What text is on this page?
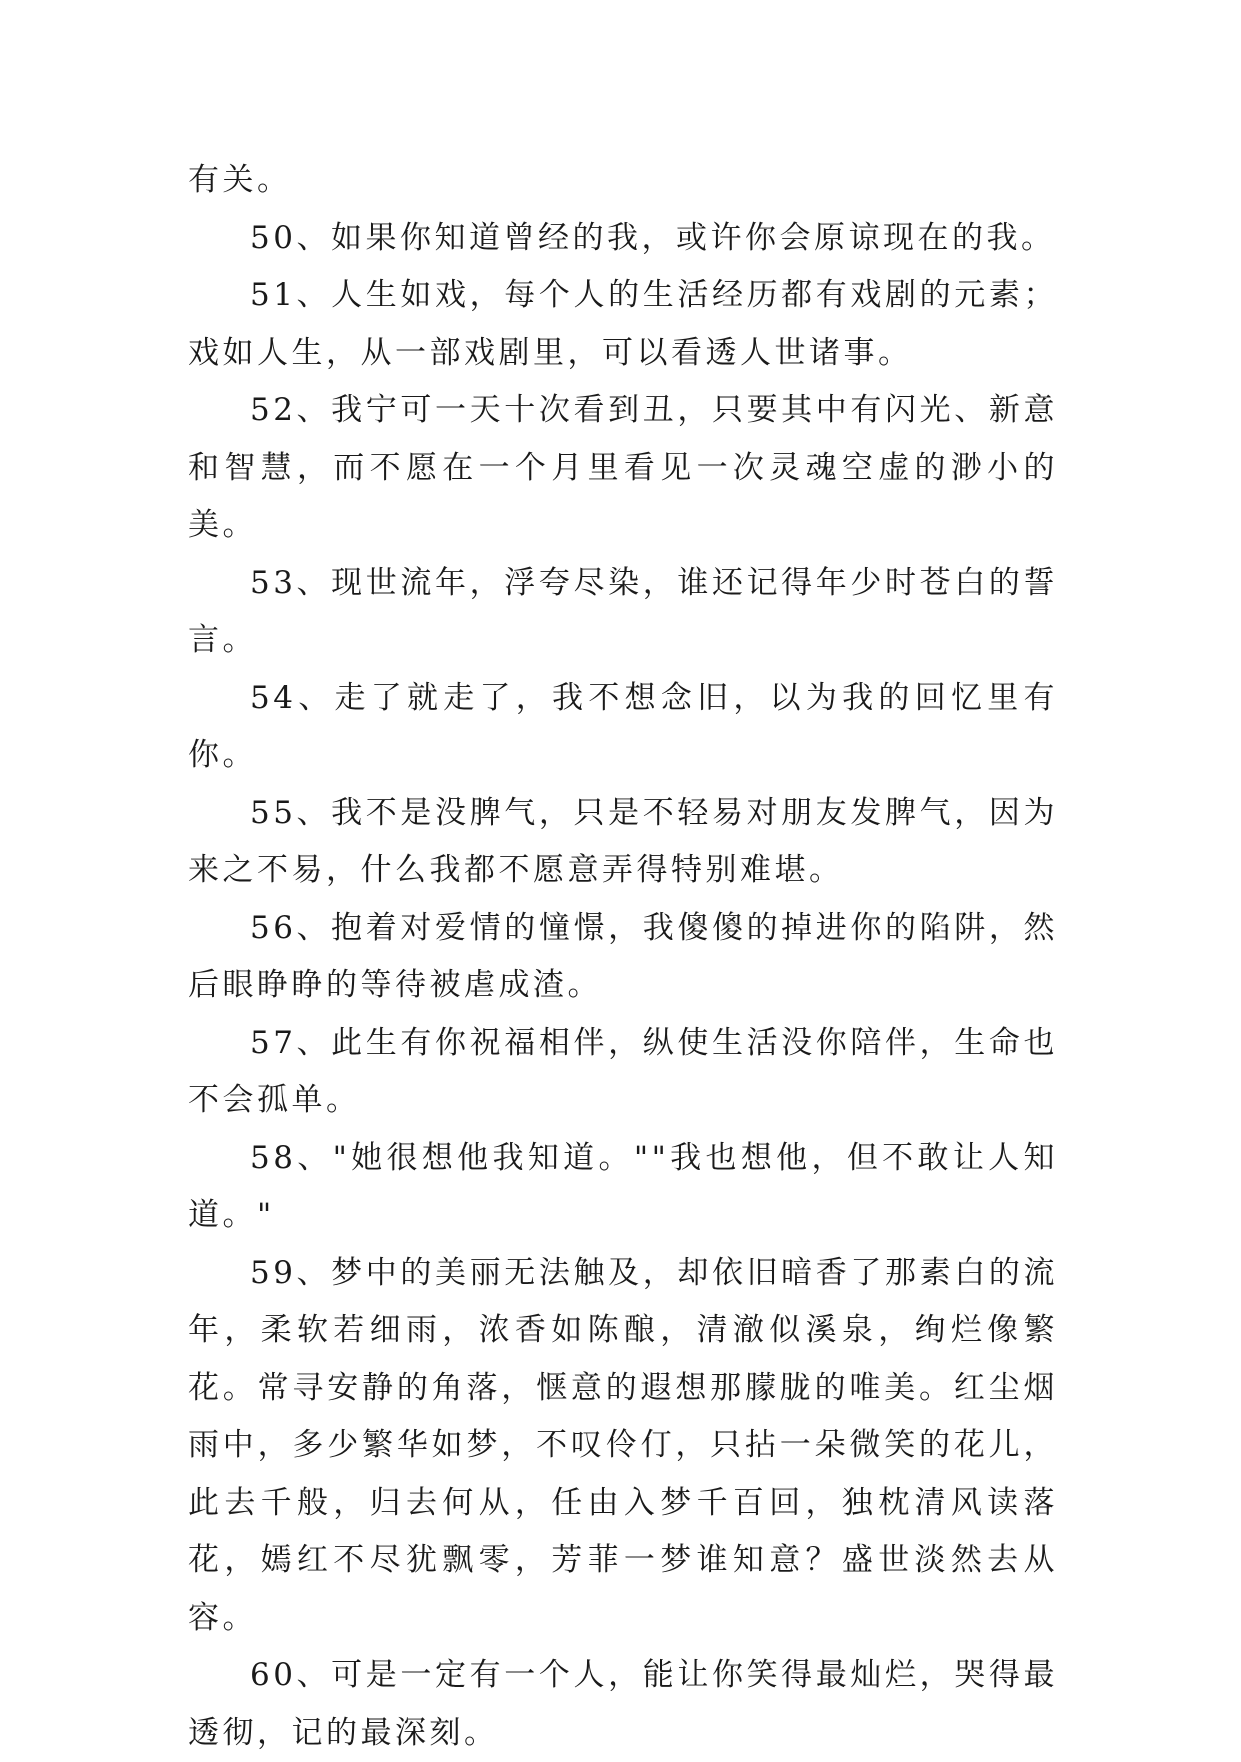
有关。

50、如果你知道曾经的我，或许你会原谅现在的我。

51、人生如戏，每个人的生活经历都有戏剧的元素；戏如人生，从一部戏剧里，可以看透人世诸事。

52、我宁可一天十次看到丑，只要其中有闪光、新意和智慧，而不愿在一个月里看见一次灵魂空虚的渺小的美。

53、现世流年，浮夸尽染，谁还记得年少时苍白的誓言。

54、走了就走了，我不想念旧，以为我的回忆里有你。

55、我不是没脾气，只是不轻易对朋友发脾气，因为来之不易，什么我都不愿意弄得特别难堪。

56、抱着对爱情的憧憬，我傻傻的掉进你的陷阱，然后眼睁睁的等待被虐成渣。

57、此生有你祝福相伴，纵使生活没你陪伴，生命也不会孤单。

58、"她很想他我知道。""我也想他，但不敢让人知道。"

59、梦中的美丽无法触及，却依旧暗香了那素白的流年，柔软若细雨，浓香如陈酿，清澈似溪泉，绚烂像繁花。常寻安静的角落，惬意的遐想那朦胧的唯美。红尘烟雨中，多少繁华如梦，不叹伶仃，只拈一朵微笑的花儿，此去千般，归去何从，任由入梦千百回，独枕清风读落花，嫣红不尽犹飘零，芳菲一梦谁知意？盛世淡然去从容。

60、可是一定有一个人，能让你笑得最灿烂，哭得最透彻，记的最深刻。
